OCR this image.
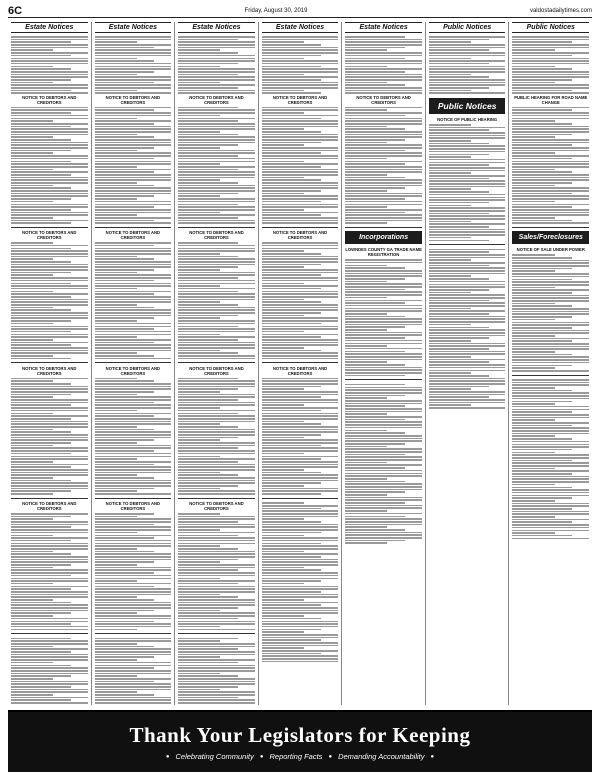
6C	Friday, August 30, 2019	valdostadailytimes.com
Estate Notices
NOTICE TO DEBTORS AND CREDITORS
NOTICE TO DEBTORS AND CREDITORS
NOTICE TO DEBTORS AND CREDITORS
NOTICE TO DEBTORS AND CREDITORS
Estate Notices
NOTICE TO DEBTORS AND CREDITORS
NOTICE TO DEBTORS AND CREDITORS
NOTICE TO DEBTORS AND CREDITORS
NOTICE TO DEBTORS AND CREDITORS
Estate Notices
NOTICE TO DEBTORS AND CREDITORS
NOTICE TO DEBTORS AND CREDITORS
NOTICE TO DEBTORS AND CREDITORS
NOTICE TO DEBTORS AND CREDITORS
Estate Notices
NOTICE TO DEBTORS AND CREDITORS
NOTICE TO DEBTORS AND CREDITORS
NOTICE TO DEBTORS AND CREDITORS
Estate Notices
NOTICE TO DEBTORS AND CREDITORS
Incorporations
LOWNDES COUNTY GA TRADE NAME REGISTRATION
Public Notices
Public Notices
NOTICE OF PUBLIC HEARING
Public Notices
PUBLIC HEARING FOR ROAD NAME CHANGE
Sales/Foreclosures
NOTICE OF SALE UNDER POWER
Thank Your Legislators for Keeping
● Celebrating Community ● Reporting Facts ● Demanding Accountability ●
